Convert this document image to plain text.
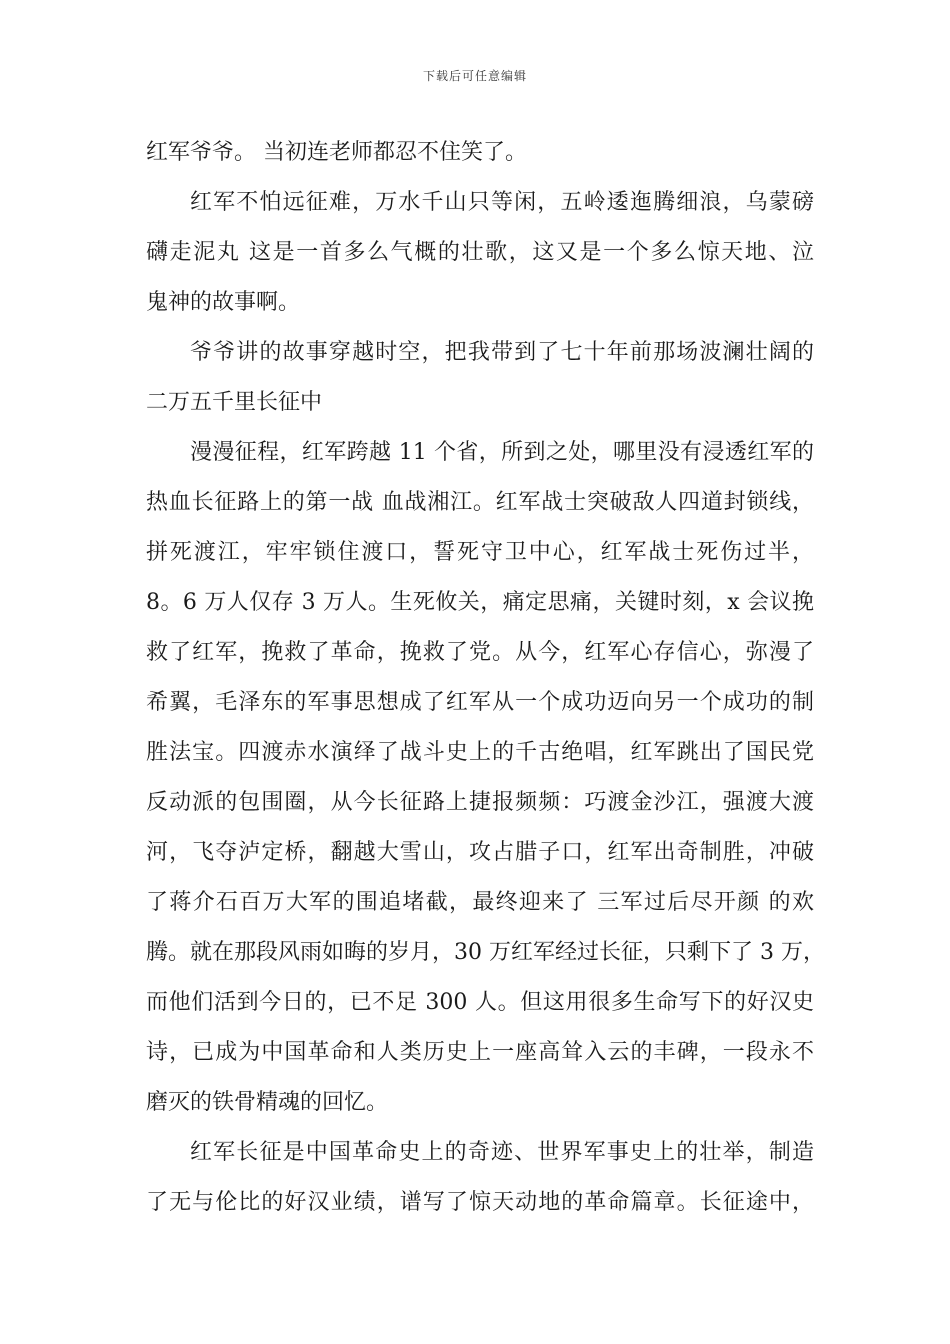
下载后可任意编辑
红军爷爷。 当初连老师都忍不住笑了。
红军不怕远征难，万水千山只等闲，五岭逶迤腾细浪，乌蒙磅
礴走泥丸 这是一首多么气概的壮歌，这又是一个多么惊天地、泣
鬼神的故事啊。
爷爷讲的故事穿越时空，把我带到了七十年前那场波澜壮阔的
二万五千里长征中
漫漫征程，红军跨越 11 个省，所到之处，哪里没有浸透红军的
热血长征路上的第一战 血战湘江。红军战士突破敌人四道封锁线，
拼死渡江，牢牢锁住渡口，誓死守卫中心，红军战士死伤过半，
8。6 万人仅存 3 万人。生死攸关，痛定思痛，关键时刻，x 会议挽
救了红军，挽救了革命，挽救了党。从今，红军心存信心，弥漫了
希翼，毛泽东的军事思想成了红军从一个成功迈向另一个成功的制
胜法宝。四渡赤水演绎了战斗史上的千古绝唱，红军跳出了国民党
反动派的包围圈，从今长征路上捷报频频：巧渡金沙江，强渡大渡
河，飞夺泸定桥，翻越大雪山，攻占腊子口，红军出奇制胜，冲破
了蒋介石百万大军的围追堵截，最终迎来了 三军过后尽开颜 的欢
腾。就在那段风雨如晦的岁月，30 万红军经过长征，只剩下了 3 万，
而他们活到今日的，已不足 300 人。但这用很多生命写下的好汉史
诗，已成为中国革命和人类历史上一座高耸入云的丰碑，一段永不
磨灭的铁骨精魂的回忆。
红军长征是中国革命史上的奇迹、世界军事史上的壮举，制造
了无与伦比的好汉业绩，谱写了惊天动地的革命篇章。长征途中，
